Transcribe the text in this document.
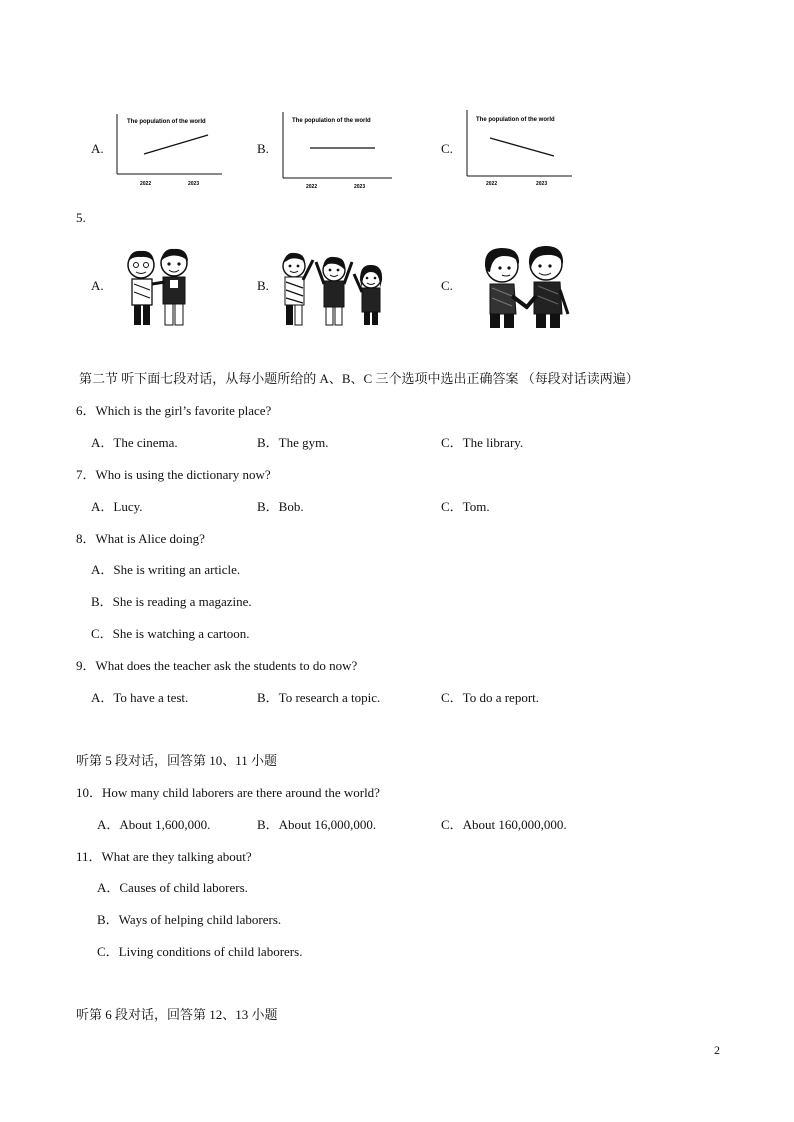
A.
The population of the world
2022	2023
B.
The population of the world
2022	2023
C.
The population of the world
2022	2023
5.
A.	B.	C.
第二节 听下面七段对话，从每小题所给的 A、B、C 三个选项中选出正确答案 （每段对话读两遍）
6．Which is the girl’s favorite place?
A．The cinema.	B．The gym.	C．The library.
7．Who is using the dictionary now?
A．Lucy.	B．Bob.	C．Tom.
8．What is Alice doing?
A．She is writing an article.
B．She is reading a magazine.
C．She is watching a cartoon.
9．What does the teacher ask the students to do now?
A．To have a test.	B．To research a topic.	C．To do a report.
听第 5 段对话，回答第 10、11 小题
10．How many child laborers are there around the world?
A．About 1,600,000.	B．About 16,000,000.	C．About 160,000,000.
11．What are they talking about?
A．Causes of child laborers.
B．Ways of helping child laborers.
C．Living conditions of child laborers.
听第 6 段对话，回答第 12、13 小题
2
